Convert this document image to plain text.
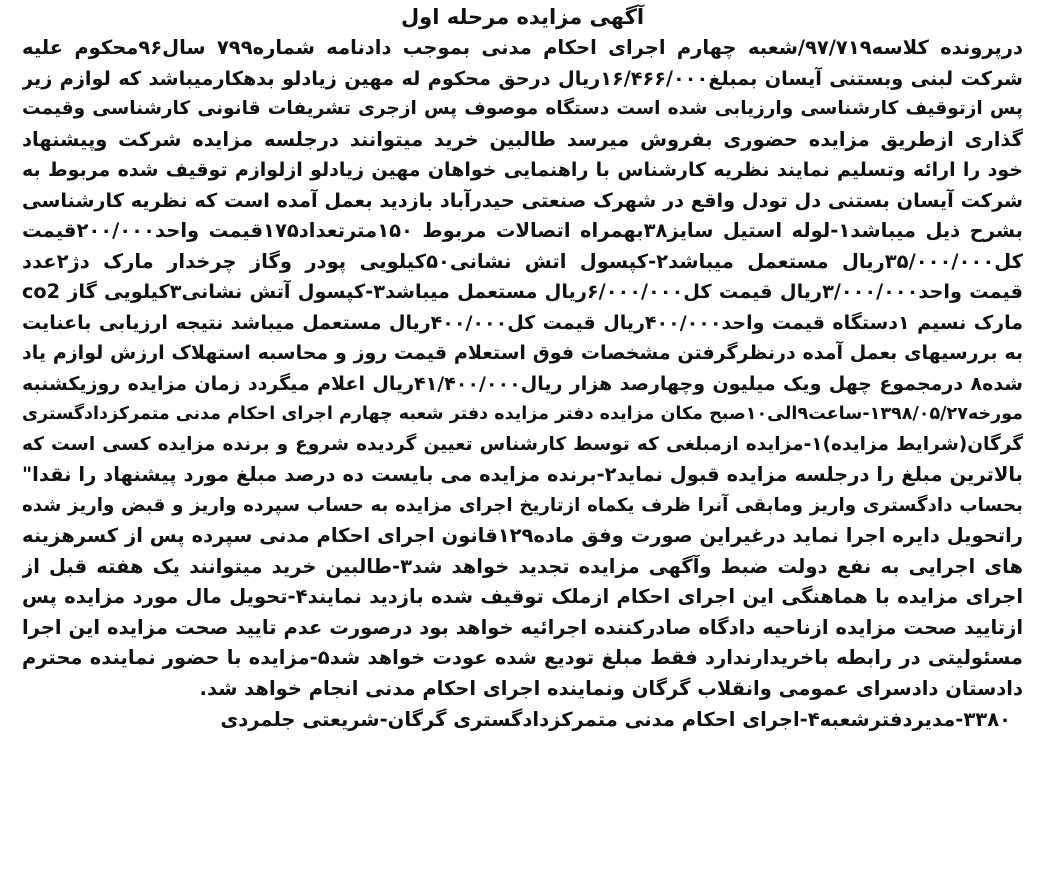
آگهی مزایده مرحله اول
درپرونده کلاسه۹۷/۷۱۹/شعبه چهارم اجرای احکام مدنی بموجب دادنامه شماره۷۹۹ سال۹۶محکوم علیه
شرکت لبنی وبستنی آیسان بمبلغ۱۶/۴۶۶/۰۰۰ریال درحق محکوم له مهین زیادلو بدهکارمیباشد که لوازم زیر
پس ازتوقیف کارشناسی وارزیابی شده است دستگاه موصوف پس ازجری تشریفات قانونی کارشناسی وقیمت
گذاری ازطریق مزایده حضوری بفروش میرسد طالبین خرید میتوانند درجلسه مزایده شرکت وپیشنهاد
خود را ارائه وتسلیم نمایند نظریه کارشناس با راهنمایی خواهان مهین زیادلو ازلوازم توقیف شده مربوط به
شرکت آیسان بستنی دل تودل واقع در شهرک صنعتی حیدرآباد بازدید بعمل آمده است که نظریه کارشناسی
بشرح ذیل میباشد۱-لوله استیل سایز۳۸بهمراه اتصالات مربوط ۱۵۰مترتعداد۱۷۵قیمت واحد۲۰۰/۰۰۰قیمت
کل۳۵/۰۰۰/۰۰۰ریال مستعمل میباشد۲-کپسول اتش نشانی۵۰کیلویی پودر وگاز چرخدار مارک دژ۲عدد
قیمت واحد۳/۰۰۰/۰۰۰ریال قیمت کل۶/۰۰۰/۰۰۰ریال مستعمل میباشد۳-کپسول آتش نشانی۳کیلویی گاز co2
مارک نسیم ۱دستگاه قیمت واحد۴۰۰/۰۰۰ریال قیمت کل۴۰۰/۰۰۰ریال مستعمل میباشد نتیجه ارزیابی باعنایت
به بررسیهای بعمل آمده درنظرگرفتن مشخصات فوق استعلام قیمت روز و محاسبه استهلاک ارزش لوازم یاد
شده۸ درمجموع چهل ویک میلیون وچهارصد هزار ریال۴۱/۴۰۰/۰۰۰ریال اعلام میگردد زمان مزایده روزیکشنبه
مورخه۱۳۹۸/۰۵/۲۷-ساعت۹الی۱۰صبح مکان مزایده دفتر مزایده دفتر شعبه چهارم اجرای احکام مدنی متمرکزدادگستری
گرگان(شرایط مزایده)۱-مزایده ازمبلغی که توسط کارشناس تعیین گردیده شروع و برنده مزایده کسی است که
بالاترین مبلغ را درجلسه مزایده قبول نماید۲-برنده مزایده می بایست ده درصد مبلغ مورد پیشنهاد را نقدا"
بحساب دادگستری واریز ومابقی آنرا ظرف یکماه ازتاریخ اجرای مزایده به حساب سپرده واریز و قبض واریز شده
راتحویل دایره اجرا نماید درغیراین صورت وفق ماده۱۲۹قانون اجرای احکام مدنی سپرده پس از کسرهزینه
های اجرایی به نفع دولت ضبط وآگهی مزایده تجدید خواهد شد۳-طالبین خرید میتوانند یک هفته قبل از
اجرای مزایده با هماهنگی این اجرای احکام ازملک توقیف شده بازدید نمایند۴-تحویل مال مورد مزایده پس
ازتایید صحت مزایده ازناحیه دادگاه صادرکننده اجرائیه خواهد بود درصورت عدم تایید صحت مزایده این اجرا
مسئولیتی در رابطه باخریدارندارد فقط مبلغ توديع شده عودت خواهد شد۵-مزایده با حضور نماینده محترم
دادستان دادسرای عمومی وانقلاب گرگان ونماینده اجرای احکام مدنی انجام خواهد شد.
۳۳۸۰-مدیردفترشعبه۴-اجرای احکام مدنی متمرکزدادگستری گرگان-شریعتی جلمردی
